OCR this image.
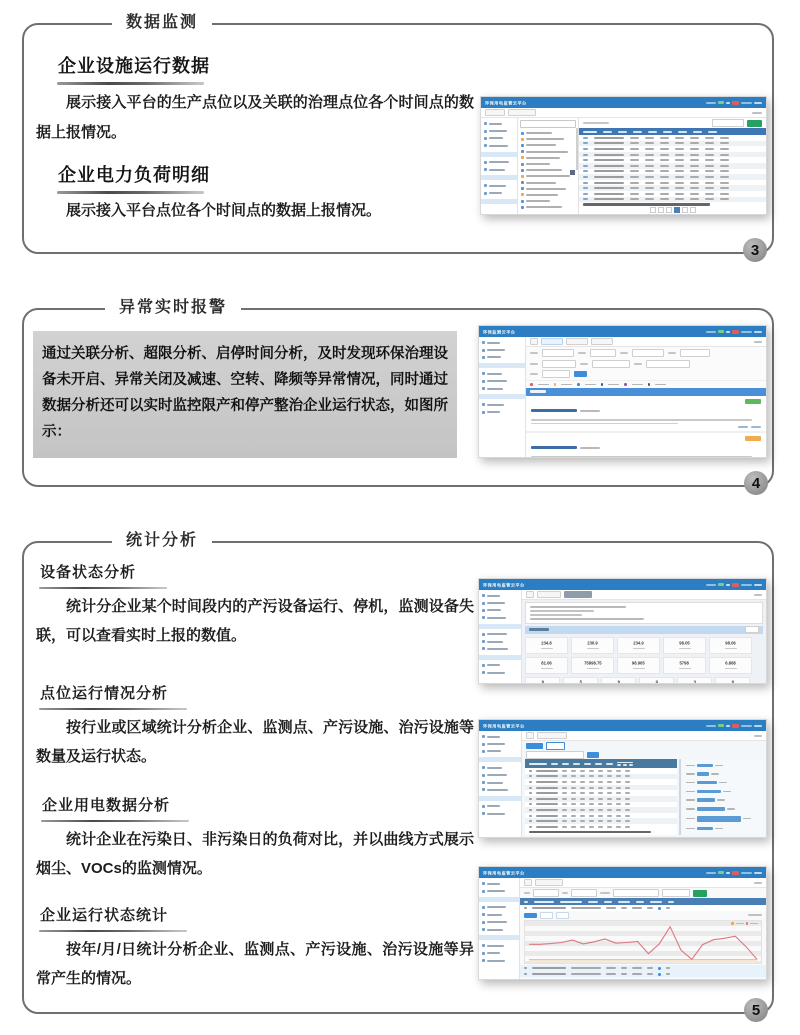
数据监测
企业设施运行数据

展示接入平台的生产点位以及关联的治理点位各个时间点的数据上报情况。

企业电力负荷明细

展示接入平台点位各个时间点的数据上报情况。

环保用电监管云平台
3
异常实时报警

通过关联分析、超限分析、启停时间分析，及时发现环保治理设备未开启、异常关闭及减速、空转、降频等异常情况，同时通过数据分析还可以实时监控限产和停产整治企业运行状态，如图所示：

环保监测云平台
4
统计分析
设备状态分析

统计分企业某个时间段内的产污设备运行、停机，监测设备失联，可以查看实时上报的数值。

点位运行情况分析

按行业或区域统计分析企业、监测点、产污设施、治污设施等数量及运行状态。

企业用电数据分析

统计企业在污染日、非污染日的负荷对比，并以曲线方式展示烟尘、VOCs的监测情况。

企业运行状态统计

按年/月/日统计分析企业、监测点、产污设施、治污设施等异常产生的情况。

环保用电监管云平台
234.8	230.9	234.9	98.05	98.06
81.06	75898.75	98.905	5798	6.868
9	5	9	9	3	9
环保用电监管云平台
环保用电监管云平台
5
